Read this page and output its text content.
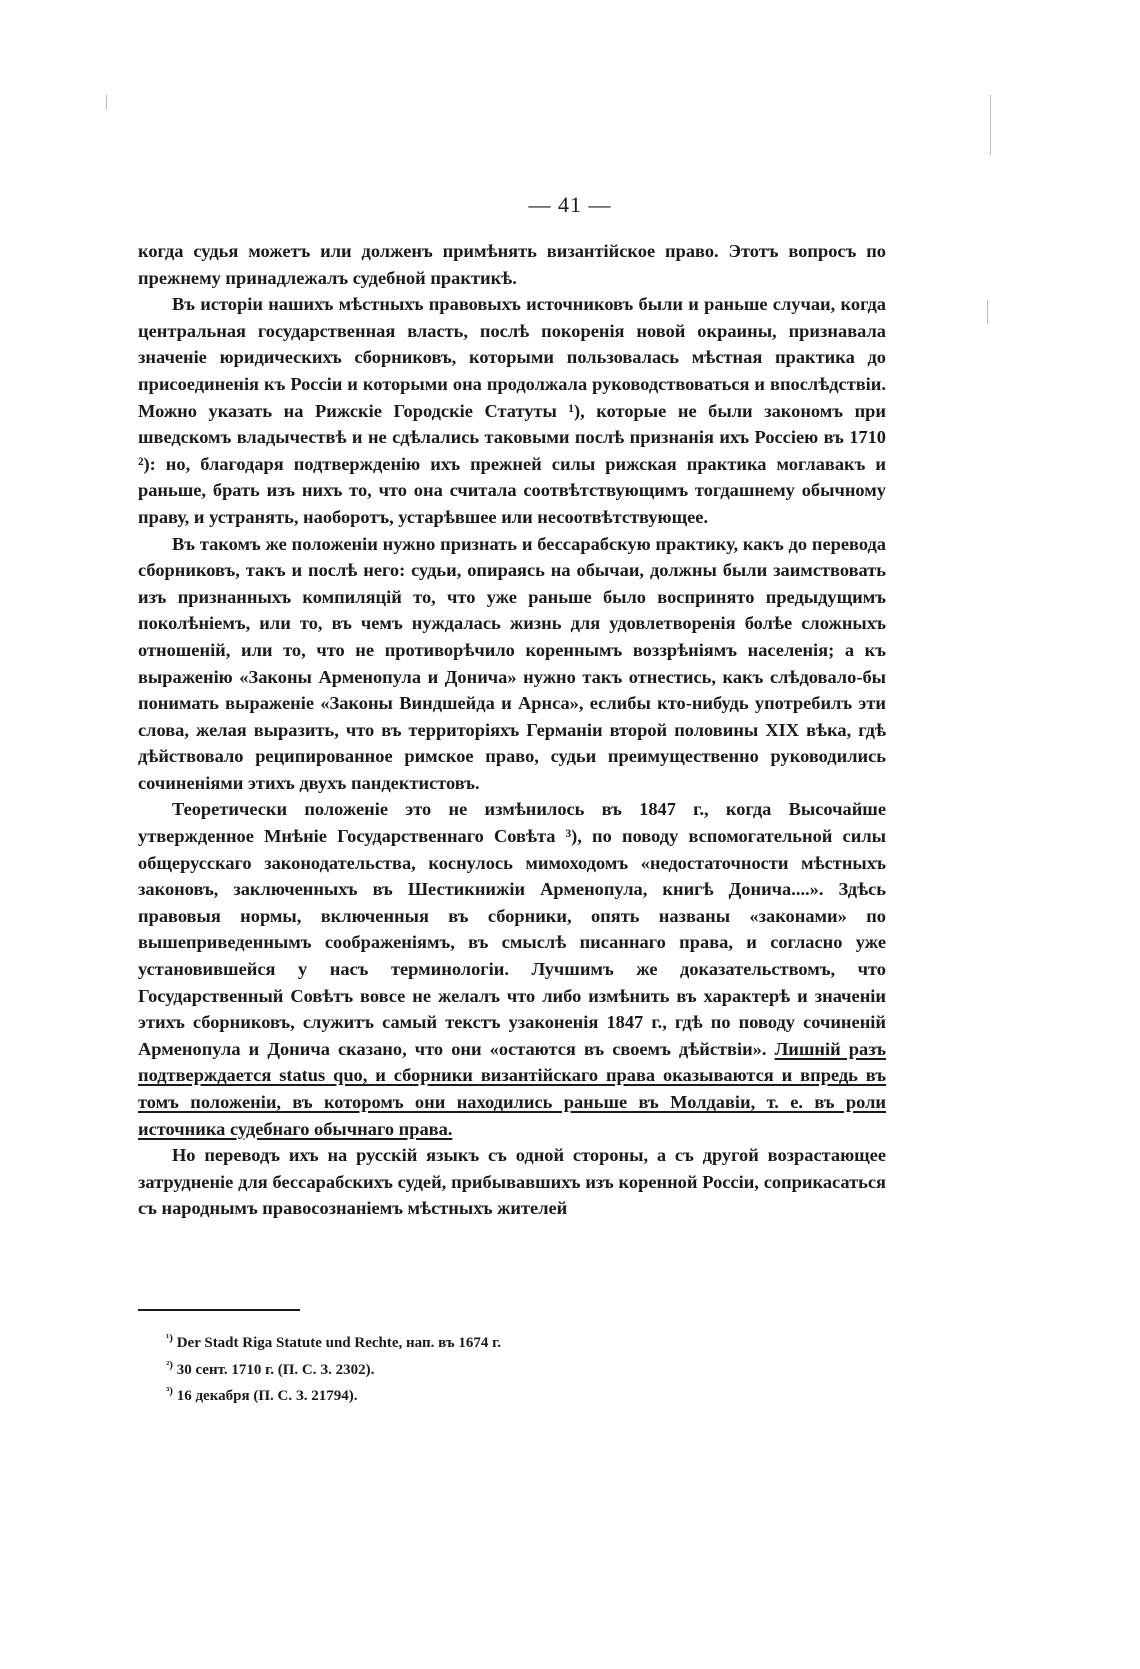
— 41 —

когда судья можетъ или долженъ примѣнять византійское право. Этотъ вопросъ по прежнему принадлежалъ судебной практикѣ.

Въ исторіи нашихъ мѣстныхъ правовыхъ источниковъ были и раньше случаи, когда центральная государственная власть, послѣ покоренія новой окраины, признавала значеніе юридическихъ сборниковъ, которыми пользовалась мѣстная практика до присоединенія къ Россіи и которыми она продолжала руководствоваться и впослѣдствіи. Можно указать на Рижскіе Городскіе Статуты ¹), которые не были закономъ при шведскомъ владычествѣ и не сдѣлались таковыми послѣ признанія ихъ Россіею въ 1710 ²): но, благодаря подтвержденію ихъ прежней силы рижская практика моглавакъ и раньше, брать изъ нихъ то, что она считала соотвѣтствующимъ тогдашнему обычному праву, и устранять, наоборотъ, устарѣвшее или несоотвѣтствующее.

Въ такомъ же положеніи нужно признать и бессарабскую практику, какъ до перевода сборниковъ, такъ и послѣ него: судьи, опираясь на обычаи, должны были заимствовать изъ признанныхъ компиляцій то, что уже раньше было воспринято предыдущимъ поколѣніемъ, или то, въ чемъ нуждалась жизнь для удовлетворенія болѣе сложныхъ отношеній, или то, что не противорѣчило кореннымъ воззрѣніямъ населенія; а къ выраженію «Законы Арменопула и Донича» нужно такъ отнестись, какъ слѣдовало-бы понимать выраженіе «Законы Виндшейда и Арнса», еслибы кто-нибудь употребилъ эти слова, желая выразить, что въ территоріяхъ Германіи второй половины XIX вѣка, гдѣ дѣйствовало реципированное римское право, судьи преимущественно руководились сочиненіями этихъ двухъ пандектистовъ.

Теоретически положеніе это не измѣнилось въ 1847 г., когда Высочайше утвержденное Мнѣніе Государственнаго Совѣта ³), по поводу вспомогательной силы общерусскаго законодательства, коснулось мимоходомъ «недостаточности мѣстныхъ законовъ, заключенныхъ въ Шестикнижіи Арменопула, книгѣ Донича....». Здѣсь правовыя нормы, включенныя въ сборники, опять названы «законами» по вышеприведеннымъ соображеніямъ, въ смыслѣ писаннаго права, и согласно уже установившейся у насъ терминологіи. Лучшимъ же доказательствомъ, что Государственный Совѣтъ вовсе не желалъ что либо измѣнить въ характерѣ и значеніи этихъ сборниковъ, служитъ самый текстъ узаконенія 1847 г., гдѣ по поводу сочиненій Арменопула и Донича сказано, что они «остаются въ своемъ дѣйствіи». Лишній разъ подтверждается status quo, и сборники византійскаго права оказываются и впредь въ томъ положеніи, въ которомъ они находились раньше въ Молдавіи, т. е. въ роли источника судебнаго обычнаго права.

Но переводъ ихъ на русскій языкъ съ одной стороны, а съ другой возрастающее затрудненіе для бессарабскихъ судей, прибывавшихъ изъ коренной Россіи, соприкасаться съ народнымъ правосознаніемъ мѣстныхъ жителей

$^{^1)}$ Der Stadt Riga Statute und Rechte, нап. въ 1674 г.
$^{^2)}$ 30 сент. 1710 г. (П. С. З. 2302).
$^{^3)}$ 16 декабря (П. С. З. 21794).
